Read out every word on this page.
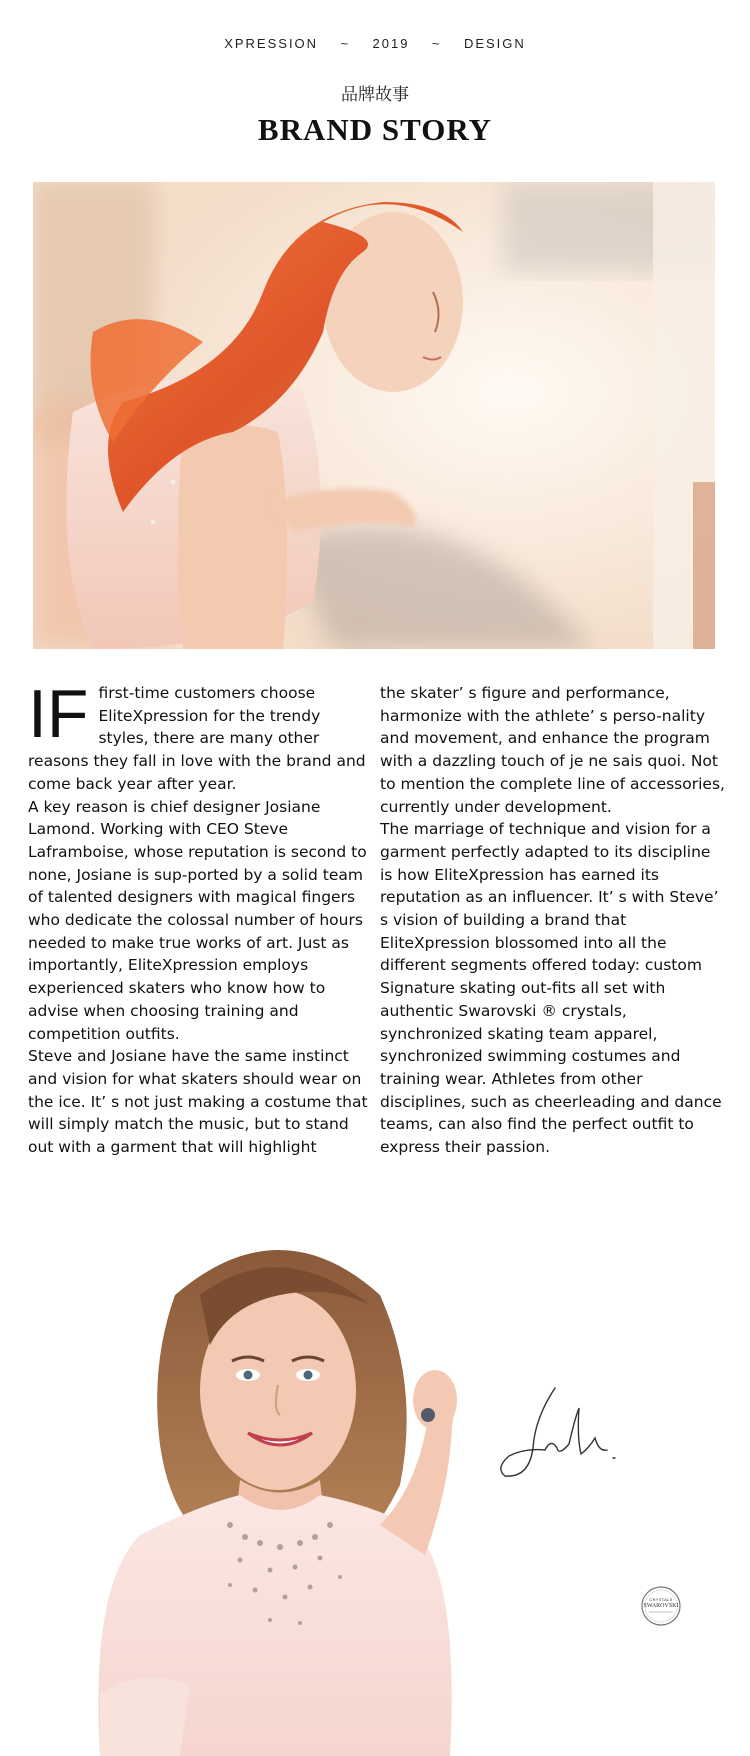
XPRESSION    ~    2019    ~    DESIGN
品牌故事
BRAND STORY
IF first-time customers choose EliteXpression for the trendy styles, there are many other reasons they fall in love with the brand and come back year after year.

A key reason is chief designer Josiane Lamond. Working with CEO Steve Laframboise, whose reputation is second to none, Josiane is sup-ported by a solid team of talented designers with magical fingers who dedicate the colossal number of hours needed to make true works of art. Just as importantly, EliteXpression employs experienced skaters who know how to advise when choosing training and competition outfits.

Steve and Josiane have the same instinct and vision for what skaters should wear on the ice. It’ s not just making a costume that will simply match the music, but to stand out with a garment that will highlight

the skater’ s figure and performance, harmonize with the athlete’ s perso-nality and movement, and enhance the program with a dazzling touch of je ne sais quoi. Not to mention the complete line of accessories, currently under development.

The marriage of technique and vision for a garment perfectly adapted to its discipline is how EliteXpression has earned its reputation as an influencer. It’ s with Steve’ s vision of building a brand that EliteXpression blossomed into all the different segments offered today: custom Signature skating out-fits all set with authentic Swarovski ® crystals, synchronized skating team apparel, synchronized swimming costumes and training wear. Athletes from other disciplines, such as cheerleading and dance teams, can also find the perfect outfit to express their passion.

CRYSTALS
SWAROVSKI
